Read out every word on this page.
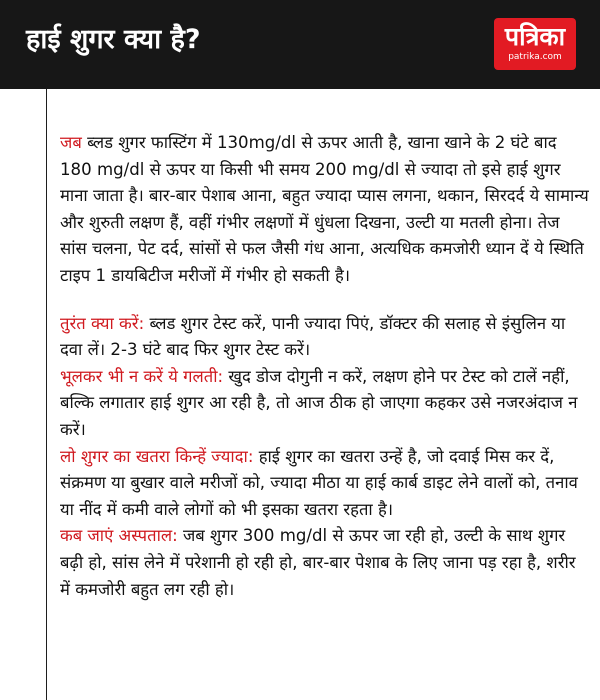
हाई शुगर क्या है?	पत्रिका
patrika.com

जब ब्लड शुगर फास्टिंग में 130mg/dl से ऊपर आती है, खाना खाने के 2 घंटे बाद 180 mg/dl से ऊपर या किसी भी समय 200 mg/dl से ज्यादा तो इसे हाई शुगर माना जाता है। बार-बार पेशाब आना, बहुत ज्यादा प्यास लगना, थकान, सिरदर्द ये सामान्य और शुरुती लक्षण हैं, वहीं गंभीर लक्षणों में धुंधला दिखना, उल्टी या मतली होना। तेज सांस चलना, पेट दर्द, सांसों से फल जैसी गंध आना, अत्यधिक कमजोरी ध्यान दें ये स्थिति टाइप 1 डायबिटीज मरीजों में गंभीर हो सकती है।

तुरंत क्या करें: ब्लड शुगर टेस्ट करें, पानी ज्यादा पिएं, डॉक्टर की सलाह से इंसुलिन या दवा लें। 2-3 घंटे बाद फिर शुगर टेस्ट करें।

भूलकर भी न करें ये गलती: खुद डोज दोगुनी न करें, लक्षण होने पर टेस्ट को टालें नहीं, बल्कि लगातार हाई शुगर आ रही है, तो आज ठीक हो जाएगा कहकर उसे नजरअंदाज न करें।

लो शुगर का खतरा किन्हें ज्यादा: हाई शुगर का खतरा उन्हें है, जो दवाई मिस कर दें, संक्रमण या बुखार वाले मरीजों को, ज्यादा मीठा या हाई कार्ब डाइट लेने वालों को, तनाव या नींद में कमी वाले लोगों को भी इसका खतरा रहता है।

कब जाएं अस्पताल: जब शुगर 300 mg/dl से ऊपर जा रही हो, उल्टी के साथ शुगर बढ़ी हो, सांस लेने में परेशानी हो रही हो, बार-बार पेशाब के लिए जाना पड़ रहा है, शरीर में कमजोरी बहुत लग रही हो।
